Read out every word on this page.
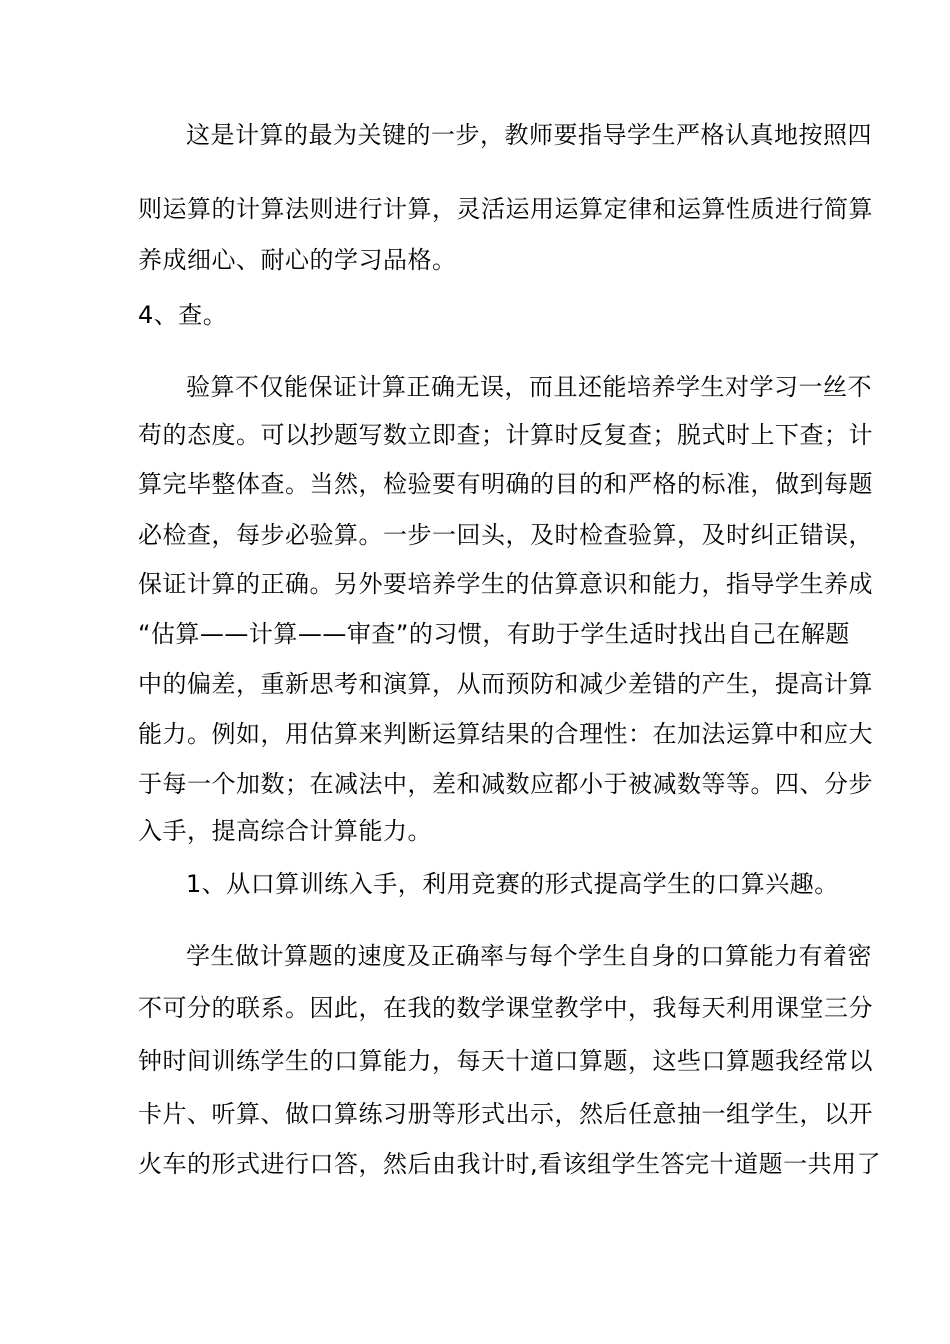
这是计算的最为关键的一步，教师要指导学生严格认真地按照四
则运算的计算法则进行计算，灵活运用运算定律和运算性质进行简算
养成细心、耐心的学习品格。
4、查。
验算不仅能保证计算正确无误，而且还能培养学生对学习一丝不
苟的态度。可以抄题写数立即查；计算时反复查；脱式时上下查；计
算完毕整体查。当然，检验要有明确的目的和严格的标准，做到每题
必检查，每步必验算。一步一回头，及时检查验算，及时纠正错误，
保证计算的正确。另外要培养学生的估算意识和能力，指导学生养成
“估算——计算——审查”的习惯，有助于学生适时找出自己在解题
中的偏差，重新思考和演算，从而预防和减少差错的产生，提高计算
能力。例如，用估算来判断运算结果的合理性：在加法运算中和应大
于每一个加数；在减法中，差和减数应都小于被减数等等。四、分步
入手，提高综合计算能力。
1、从口算训练入手，利用竞赛的形式提高学生的口算兴趣。
学生做计算题的速度及正确率与每个学生自身的口算能力有着密
不可分的联系。因此，在我的数学课堂教学中，我每天利用课堂三分
钟时间训练学生的口算能力，每天十道口算题，这些口算题我经常以
卡片、听算、做口算练习册等形式出示，然后任意抽一组学生，以开
火车的形式进行口答，然后由我计时,看该组学生答完十道题一共用了
